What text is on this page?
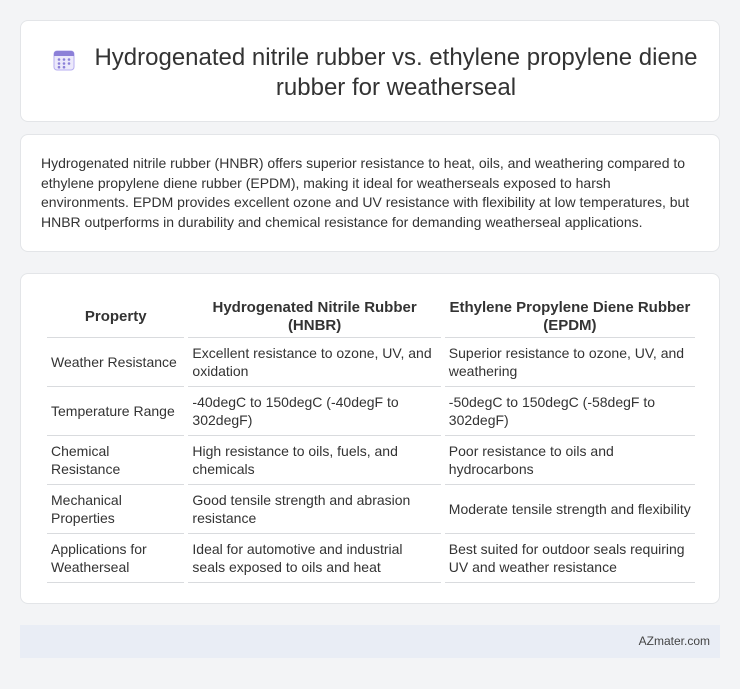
Hydrogenated nitrile rubber vs. ethylene propylene diene rubber for weatherseal

Hydrogenated nitrile rubber (HNBR) offers superior resistance to heat, oils, and weathering compared to ethylene propylene diene rubber (EPDM), making it ideal for weatherseals exposed to harsh environments. EPDM provides excellent ozone and UV resistance with flexibility at low temperatures, but HNBR outperforms in durability and chemical resistance for demanding weatherseal applications.

Property	Hydrogenated Nitrile Rubber (HNBR)	Ethylene Propylene Diene Rubber (EPDM)
Weather Resistance	Excellent resistance to ozone, UV, and oxidation	Superior resistance to ozone, UV, and weathering
Temperature Range	-40degC to 150degC (-40degF to 302degF)	-50degC to 150degC (-58degF to 302degF)
Chemical Resistance	High resistance to oils, fuels, and chemicals	Poor resistance to oils and hydrocarbons
Mechanical Properties	Good tensile strength and abrasion resistance	Moderate tensile strength and flexibility
Applications for Weatherseal	Ideal for automotive and industrial seals exposed to oils and heat	Best suited for outdoor seals requiring UV and weather resistance
AZmater.com
